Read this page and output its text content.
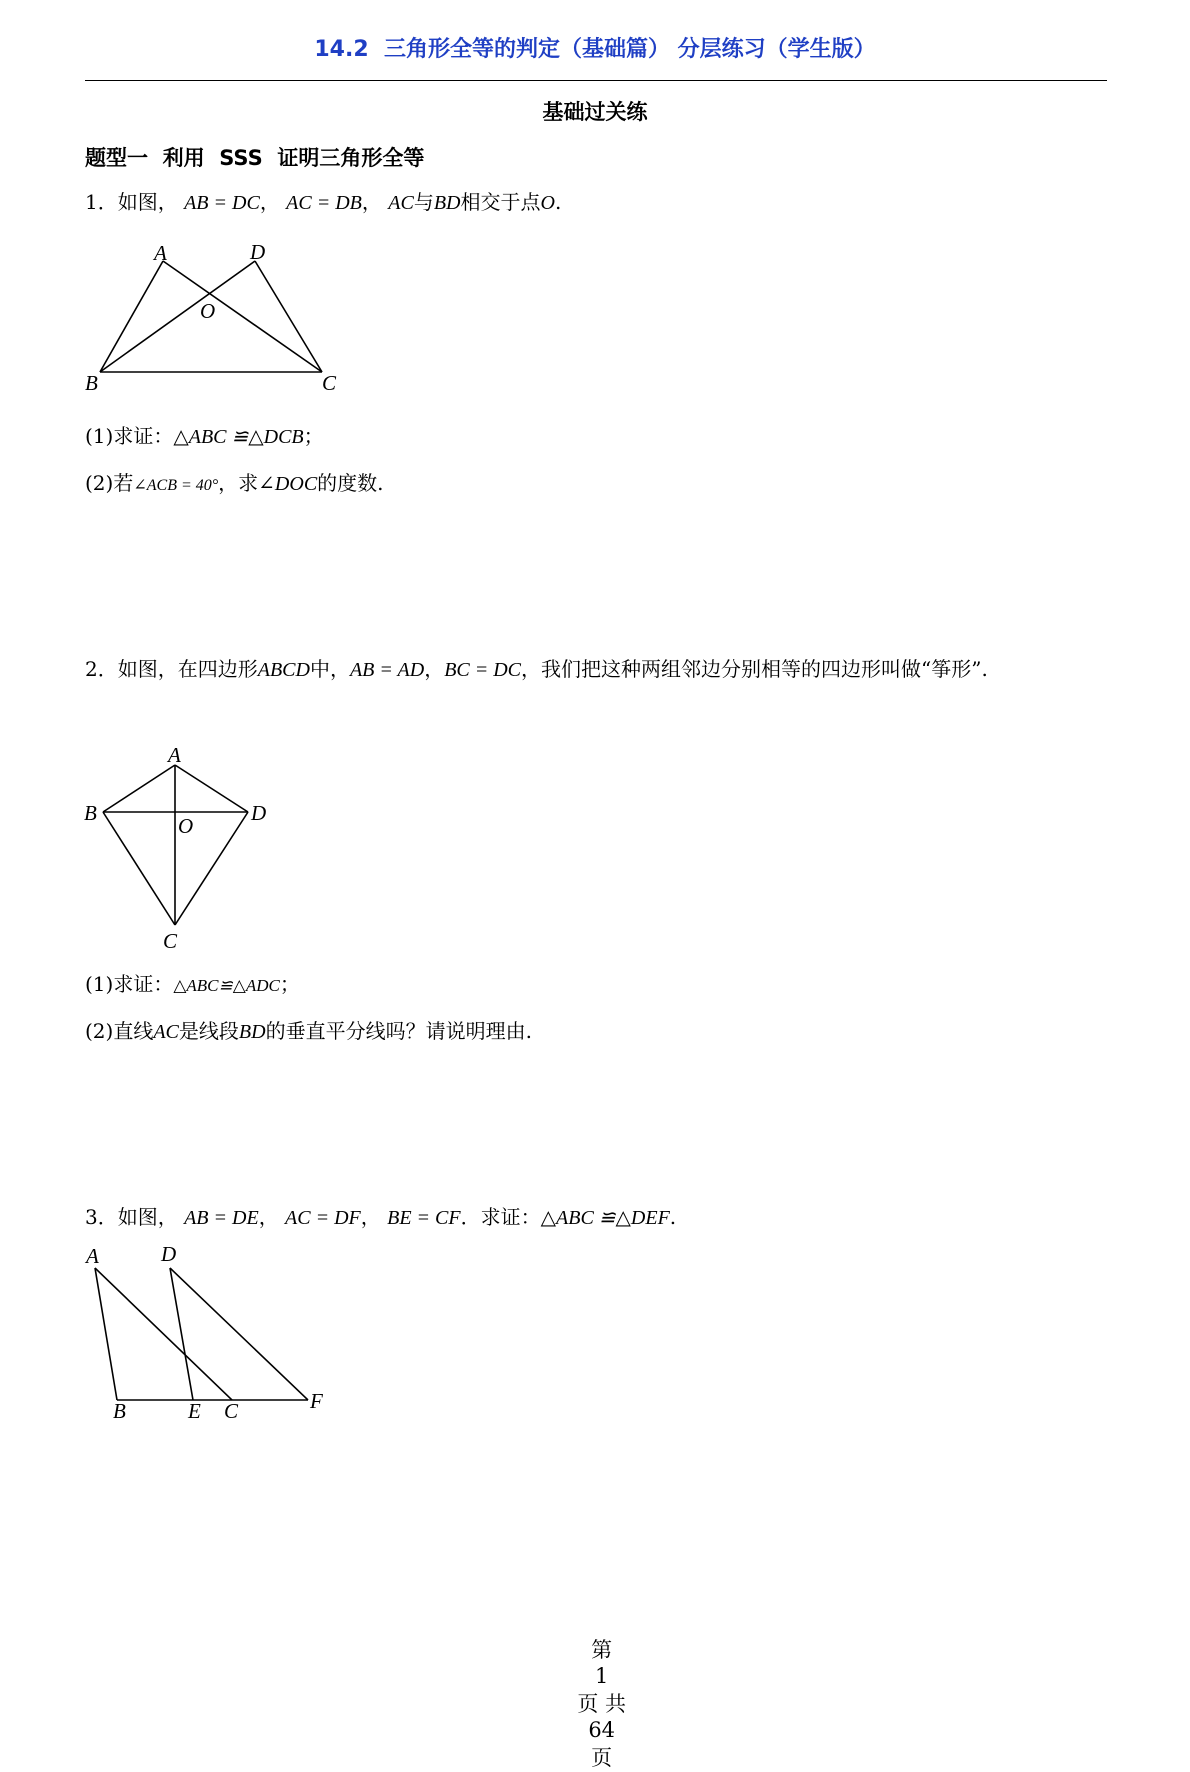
14.2  三角形全等的判定（基础篇） 分层练习（学生版）
基础过关练
题型一  利用  SSS  证明三角形全等
1．如图， AB = DC， AC = DB， AC与BD相交于点O.
A	D
O
B	C
(1)求证：△ABC ≌△DCB；
(2)若∠ACB = 40°，求∠DOC的度数.
2．如图，在四边形ABCD中，AB = AD，BC = DC，我们把这种两组邻边分别相等的四边形叫做“筝形”.
A
B
O
D
C
(1)求证：△ABC≌△ADC；
(2)直线AC是线段BD的垂直平分线吗？请说明理由.
3．如图， AB = DE， AC = DF， BE = CF．求证：△ABC ≌△DEF.
A	D
B	E C	F

第
1
页 共
64
页
